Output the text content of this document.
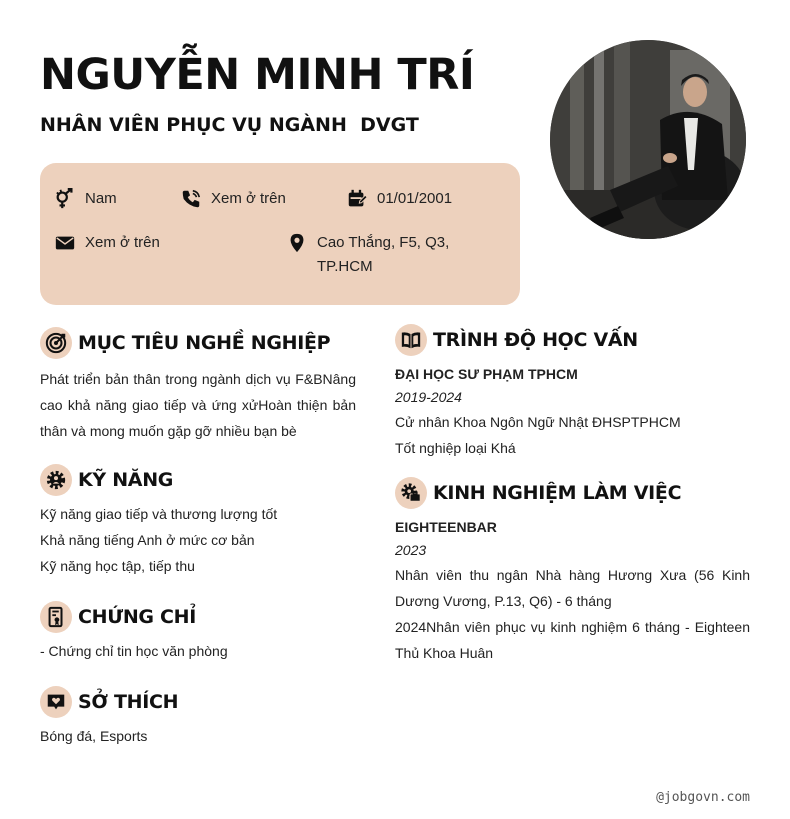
NGUYỄN MINH TRÍ
NHÂN VIÊN PHỤC VỤ NGÀNH  DVGT
Nam	Xem ở trên	01/01/2001
Xem ở trên	Cao Thắng, F5, Q3, TP.HCM
MỤC TIÊU NGHỀ NGHIỆP

Phát triển bản thân trong ngành dịch vụ F&BNâng cao khả năng giao tiếp và ứng xửHoàn thiện bản thân và mong muốn gặp gỡ nhiều bạn bè

KỸ NĂNG

Kỹ năng giao tiếp và thương lượng tốt

Khả năng tiếng Anh ở mức cơ bản

Kỹ năng học tập, tiếp thu

CHỨNG CHỈ

- Chứng chỉ tin học văn phòng

SỞ THÍCH

Bóng đá, Esports

TRÌNH ĐỘ HỌC VẤN
ĐẠI HỌC SƯ PHẠM TPHCM
2019-2024

Cử nhân Khoa Ngôn Ngữ Nhật ĐHSPTPHCM

Tốt nghiệp loại Khá

KINH NGHIỆM LÀM VIỆC
EIGHTEENBAR
2023

Nhân viên thu ngân Nhà hàng Hương Xưa (56 Kinh Dương Vương, P.13, Q6) - 6 tháng

2024Nhân viên phục vụ kinh nghiệm 6 tháng - Eighteen Thủ Khoa Huân

@jobgovn.com
